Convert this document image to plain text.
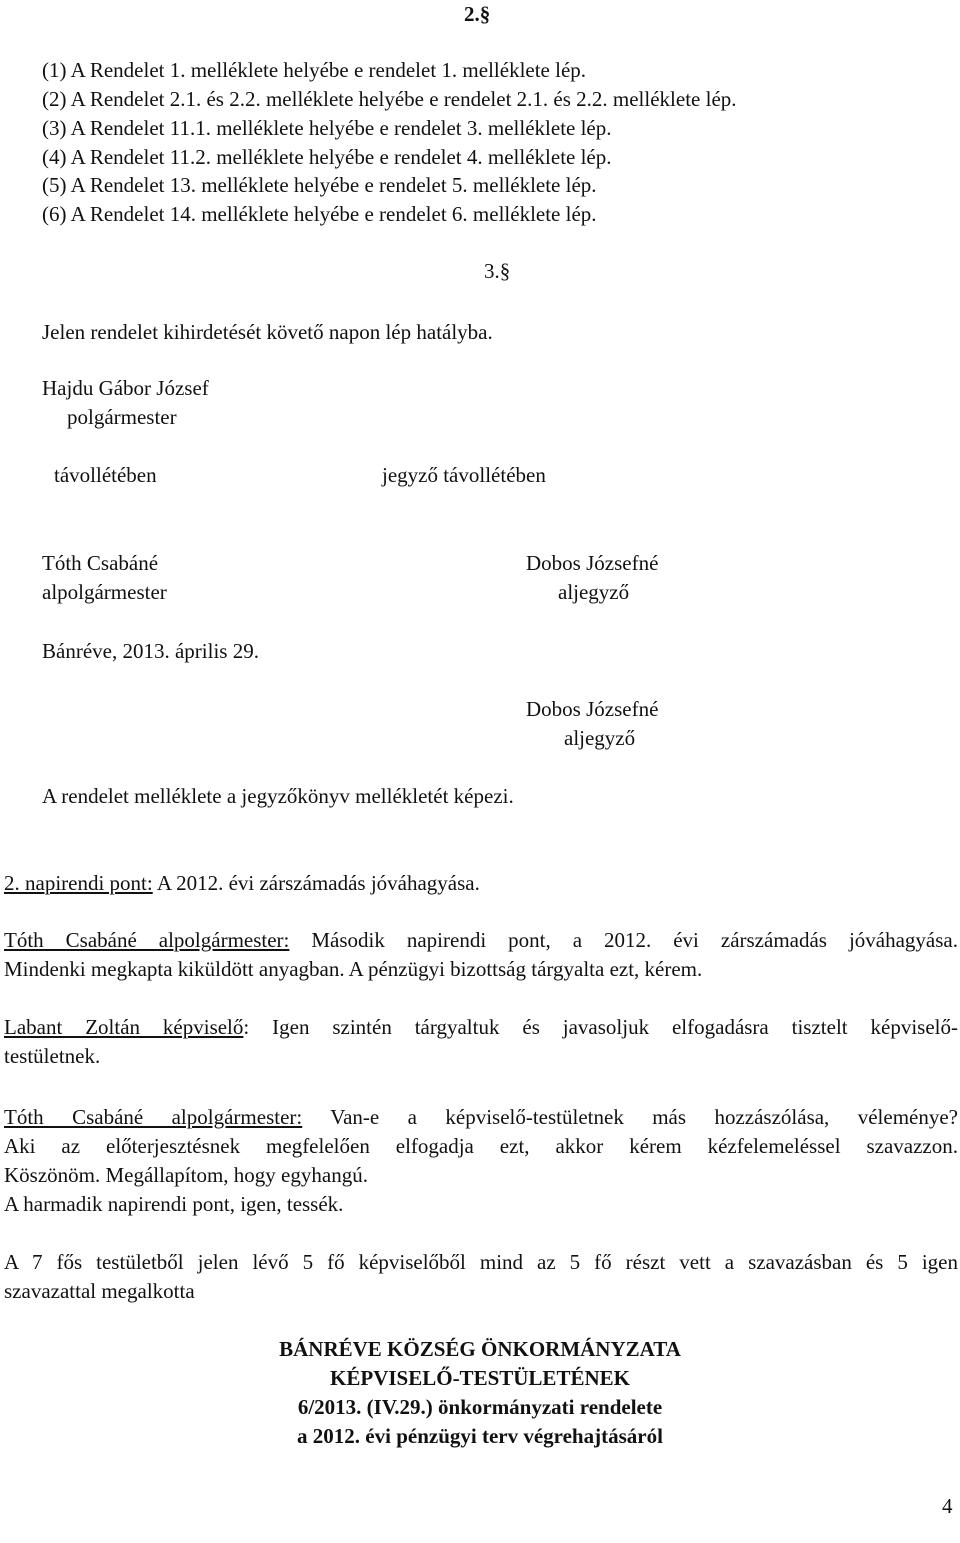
2.§
(1) A Rendelet 1. melléklete helyébe e rendelet 1. melléklete lép.
(2) A Rendelet 2.1. és 2.2. melléklete helyébe e rendelet 2.1. és 2.2. melléklete lép.
(3) A Rendelet 11.1. melléklete helyébe e rendelet 3. melléklete lép.
(4) A Rendelet 11.2. melléklete helyébe e rendelet 4. melléklete lép.
(5) A Rendelet 13. melléklete helyébe e rendelet 5. melléklete lép.
(6) A Rendelet 14. melléklete helyébe e rendelet 6. melléklete lép.
3.§
Jelen rendelet kihirdetését követő napon lép hatályba.
Hajdu Gábor József
polgármester
távollétében	jegyző távollétében
Tóth Csabáné
alpolgármester
Dobos Józsefné
aljegyző
Bánréve, 2013. április 29.
Dobos Józsefné
aljegyző
A rendelet melléklete a jegyzőkönyv mellékletét képezi.
2. napirendi pont: A 2012. évi zárszámadás jóváhagyása.
Tóth Csabáné alpolgármester: Második napirendi pont, a 2012. évi zárszámadás jóváhagyása.
Mindenki megkapta kiküldött anyagban. A pénzügyi bizottság tárgyalta ezt, kérem.
Labant Zoltán képviselő: Igen szintén tárgyaltuk és javasoljuk elfogadásra tisztelt képviselő-
testületnek.
Tóth Csabáné alpolgármester: Van-e a képviselő-testületnek más hozzászólása, véleménye?
Aki az előterjesztésnek megfelelően elfogadja ezt, akkor kérem kézfelemeléssel szavazzon.
Köszönöm. Megállapítom, hogy egyhangú.
A harmadik napirendi pont, igen, tessék.
A 7 fős testületből jelen lévő 5 fő képviselőből mind az 5 fő részt vett a szavazásban és 5 igen
szavazattal megalkotta
BÁNRÉVE KÖZSÉG ÖNKORMÁNYZATA
KÉPVISELŐ-TESTÜLETÉNEK
6/2013. (IV.29.) önkormányzati rendelete
a 2012. évi pénzügyi terv végrehajtásáról
4
